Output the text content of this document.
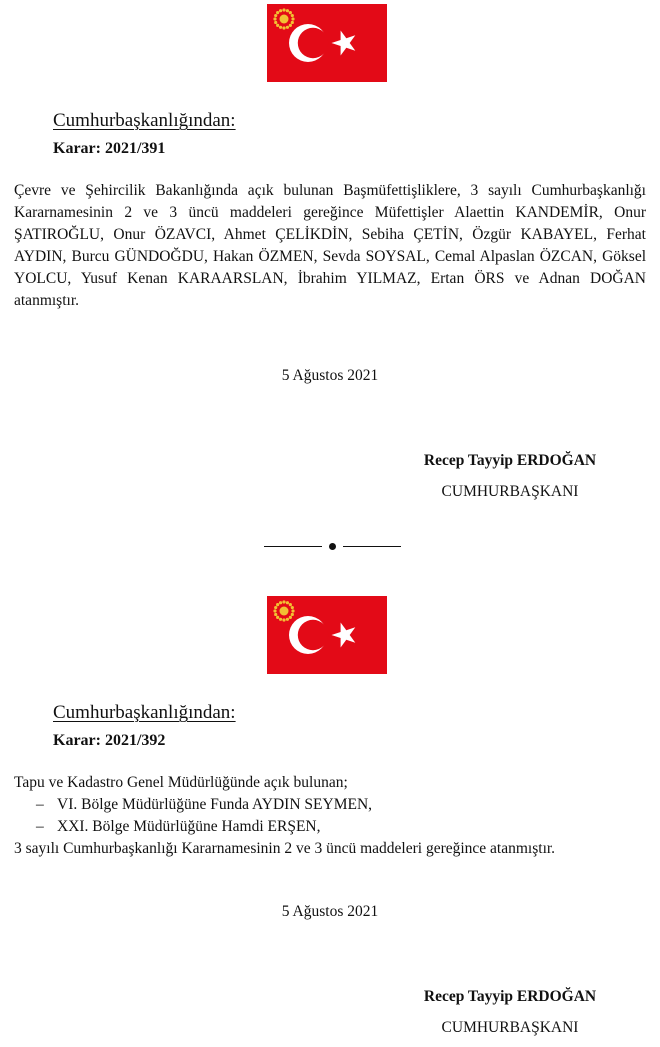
Cumhurbaşkanlığından:
Karar: 2021/391

Çevre ve Şehircilik Bakanlığında açık bulunan Başmüfettişliklere, 3 sayılı Cumhurbaşkanlığı Kararnamesinin 2 ve 3 üncü maddeleri gereğince Müfettişler Alaettin KANDEMİR, Onur ŞATIROĞLU, Onur ÖZAVCI, Ahmet ÇELİKDİN, Sebiha ÇETİN, Özgür KABAYEL, Ferhat AYDIN, Burcu GÜNDOĞDU, Hakan ÖZMEN, Sevda SOYSAL, Cemal Alpaslan ÖZCAN, Göksel YOLCU, Yusuf Kenan KARAARSLAN, İbrahim YILMAZ, Ertan ÖRS ve Adnan DOĞAN atanmıştır.

5 Ağustos 2021
Recep Tayyip ERDOĞAN
CUMHURBAŞKANI
Cumhurbaşkanlığından:
Karar: 2021/392

Tapu ve Kadastro Genel Müdürlüğünde açık bulunan;

– VI. Bölge Müdürlüğüne Funda AYDIN SEYMEN,
– XXI. Bölge Müdürlüğüne Hamdi ERŞEN,

3 sayılı Cumhurbaşkanlığı Kararnamesinin 2 ve 3 üncü maddeleri gereğince atanmıştır.

5 Ağustos 2021
Recep Tayyip ERDOĞAN
CUMHURBAŞKANI
